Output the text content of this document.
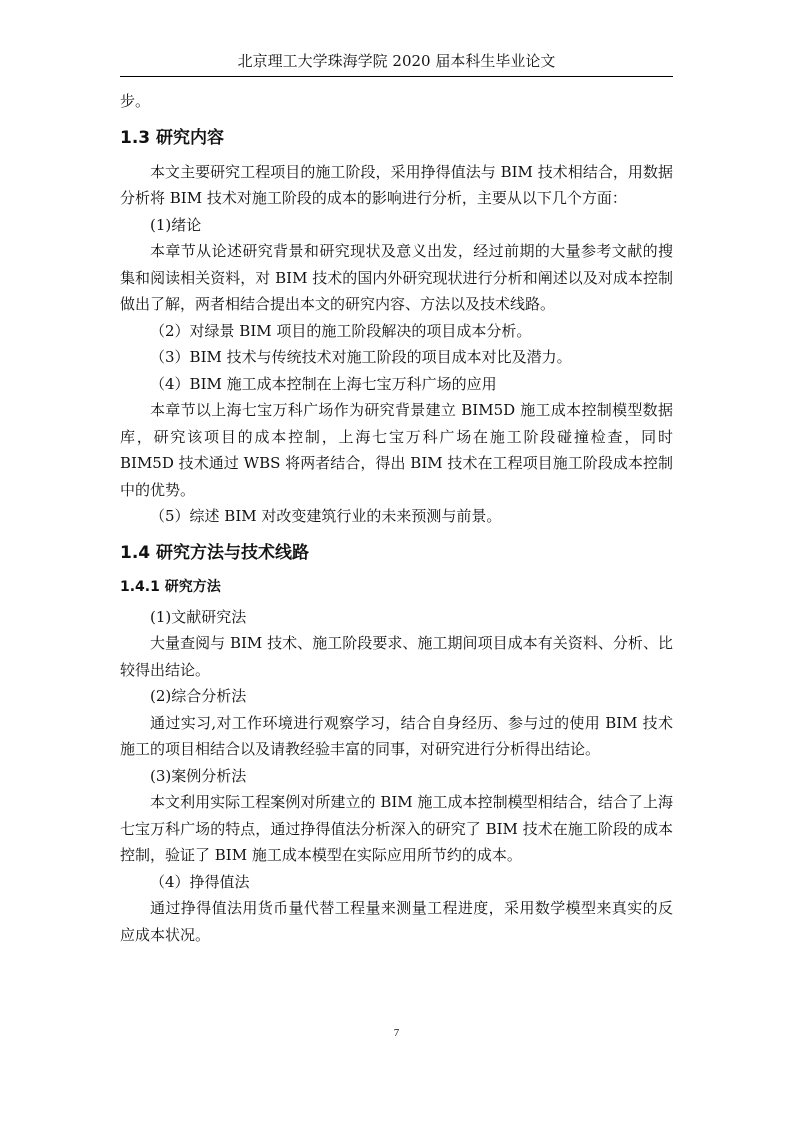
北京理工大学珠海学院 2020 届本科生毕业论文

步。

1.3 研究内容

本文主要研究工程项目的施工阶段，采用挣得值法与 BIM 技术相结合，用数据分析将 BIM 技术对施工阶段的成本的影响进行分析，主要从以下几个方面：

(1)绪论

本章节从论述研究背景和研究现状及意义出发，经过前期的大量参考文献的搜集和阅读相关资料，对 BIM 技术的国内外研究现状进行分析和阐述以及对成本控制做出了解，两者相结合提出本文的研究内容、方法以及技术线路。

（2）对绿景 BIM 项目的施工阶段解决的项目成本分析。

（3）BIM 技术与传统技术对施工阶段的项目成本对比及潜力。

（4）BIM 施工成本控制在上海七宝万科广场的应用

本章节以上海七宝万科广场作为研究背景建立 BIM5D 施工成本控制模型数据库，研究该项目的成本控制，上海七宝万科广场在施工阶段碰撞检查，同时 BIM5D 技术通过 WBS 将两者结合，得出 BIM 技术在工程项目施工阶段成本控制中的优势。

（5）综述 BIM 对改变建筑行业的未来预测与前景。

1.4 研究方法与技术线路

1.4.1 研究方法

(1)文献研究法

大量查阅与 BIM 技术、施工阶段要求、施工期间项目成本有关资料、分析、比较得出结论。

(2)综合分析法

通过实习,对工作环境进行观察学习，结合自身经历、参与过的使用 BIM 技术施工的项目相结合以及请教经验丰富的同事，对研究进行分析得出结论。

(3)案例分析法

本文利用实际工程案例对所建立的 BIM 施工成本控制模型相结合，结合了上海七宝万科广场的特点，通过挣得值法分析深入的研究了 BIM 技术在施工阶段的成本控制，验证了 BIM 施工成本模型在实际应用所节约的成本。

（4）挣得值法

通过挣得值法用货币量代替工程量来测量工程进度，采用数学模型来真实的反应成本状况。

7
